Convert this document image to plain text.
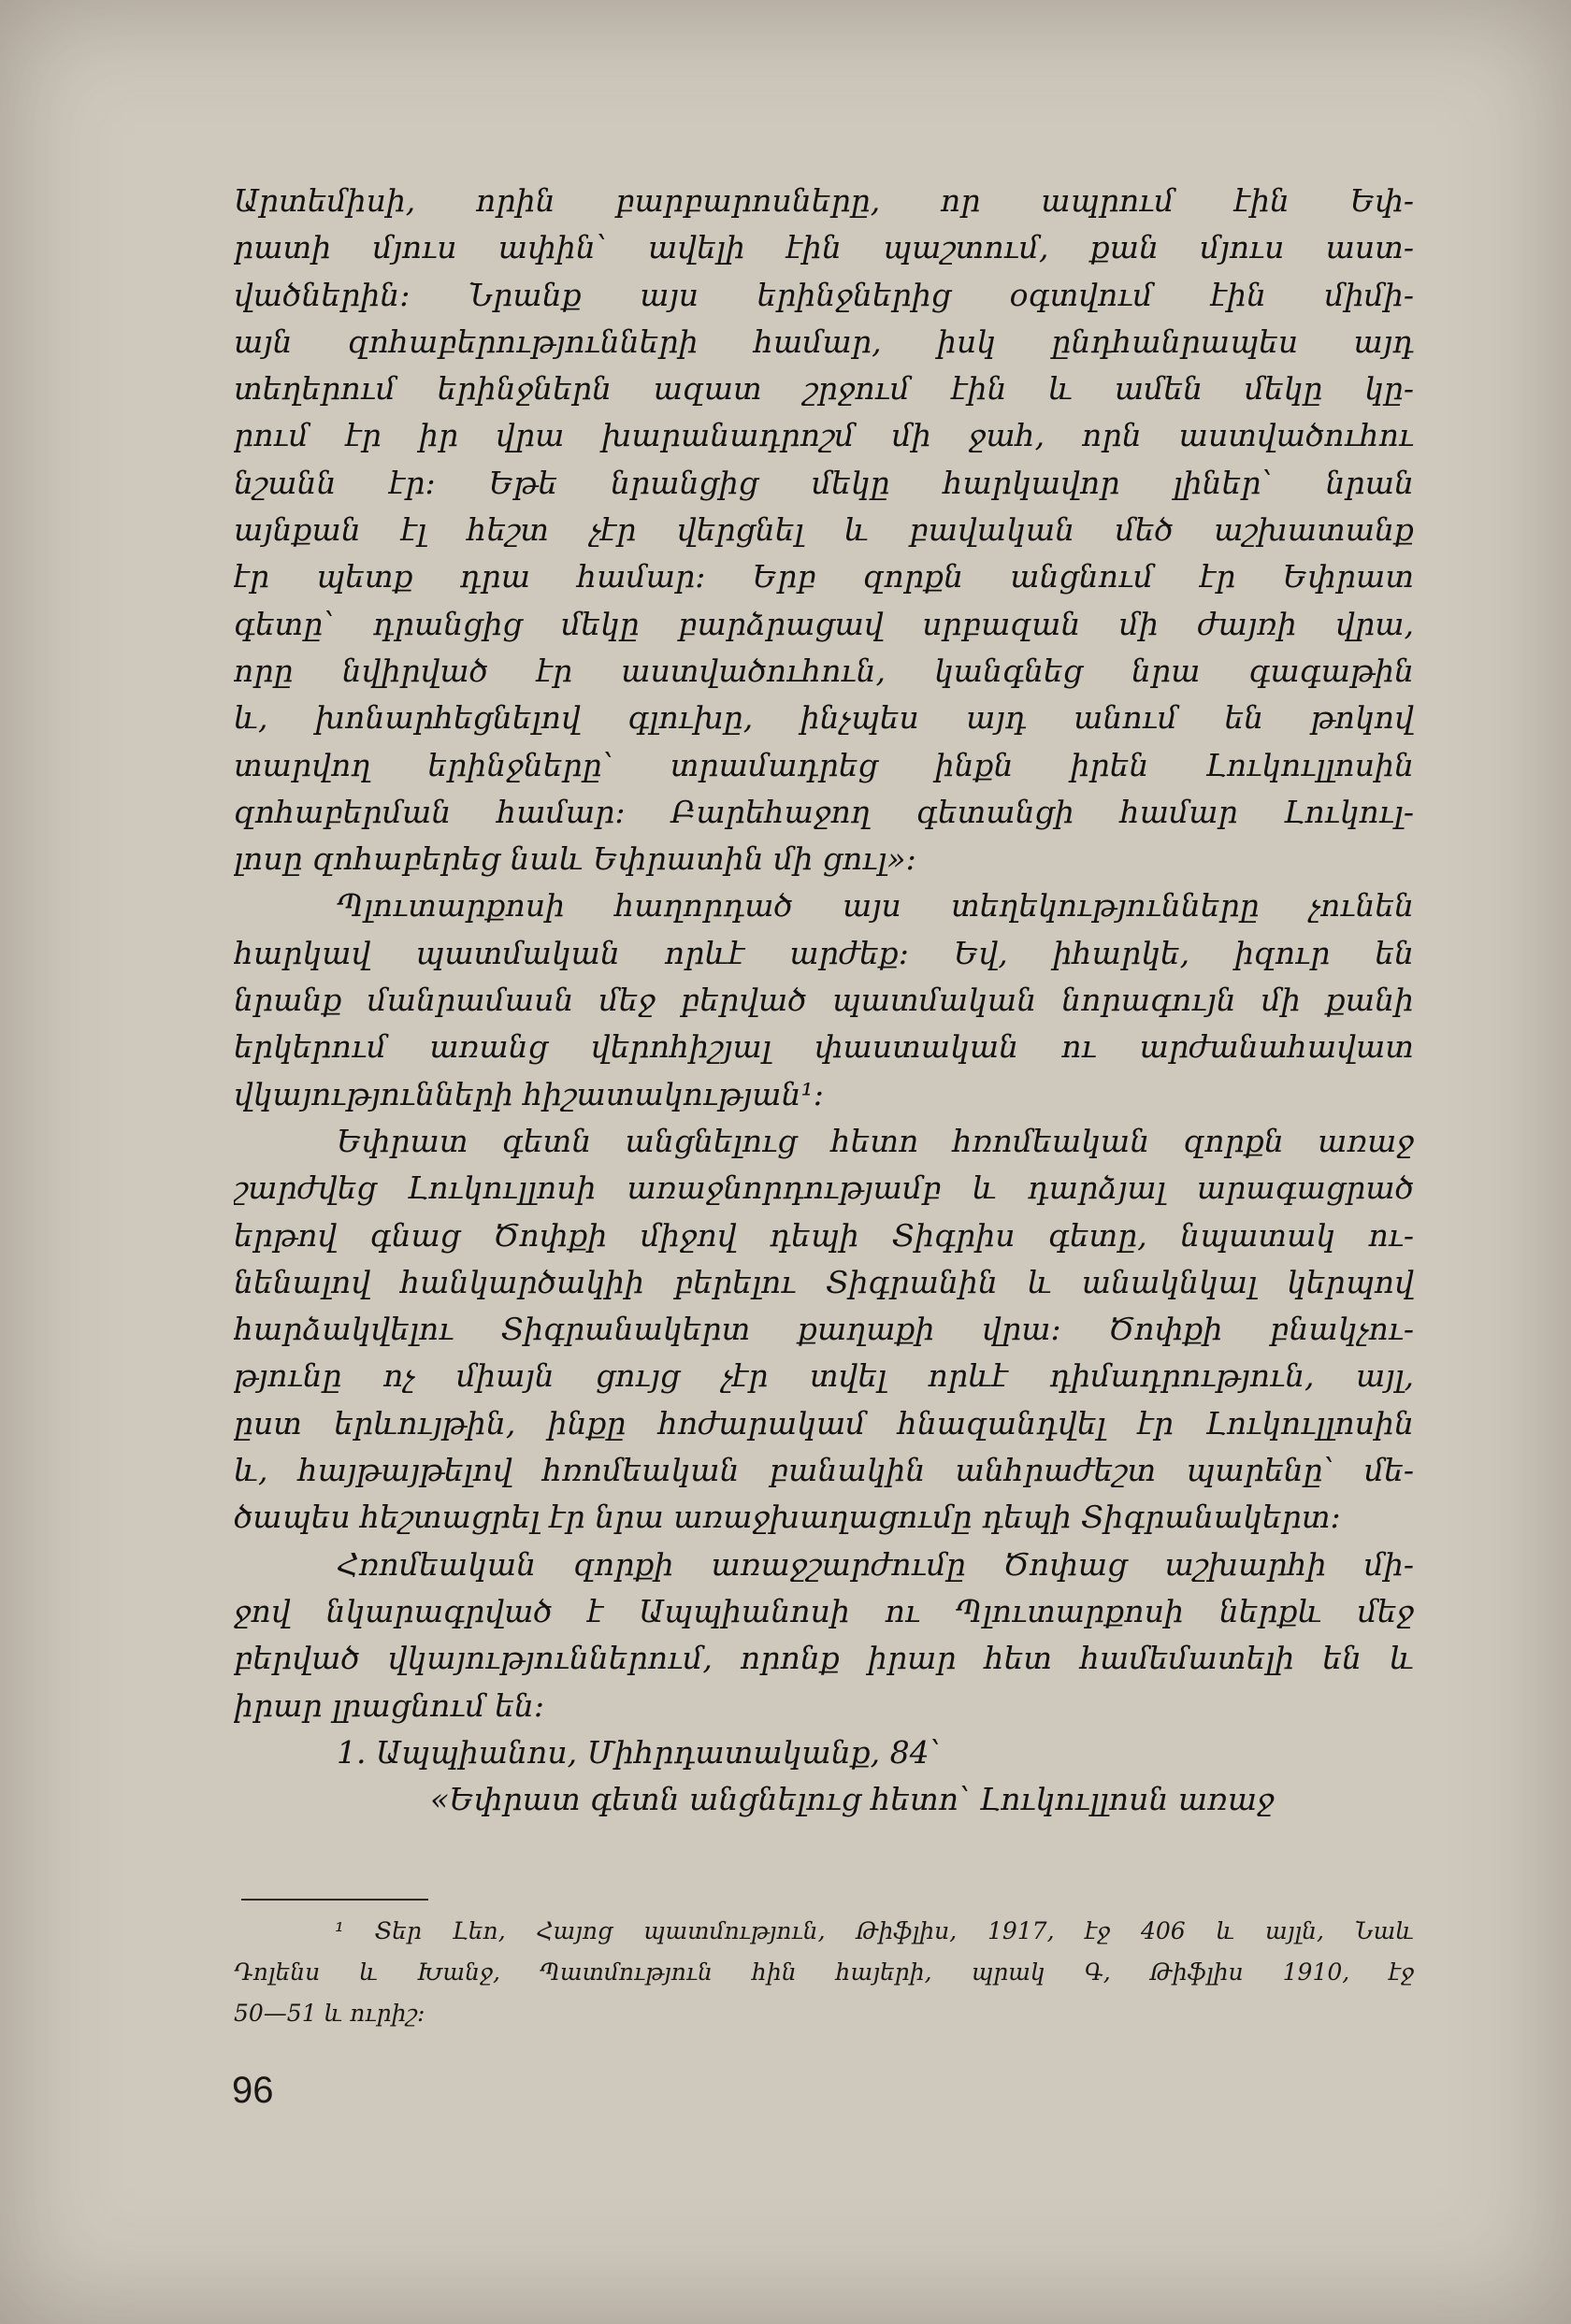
Արտեմիսի, որին բարբարոսները, որ ապրում էին Եփ-
րատի մյուս ափին՝ ավելի էին պաշտում, քան մյուս աստ-
վածներին։ Նրանք այս երինջներից օգտվում էին միմի-
այն զոհաբերությունների համար, իսկ ընդհանրապես այդ
տեղերում երինջներն ազատ շրջում էին և ամեն մեկը կը-
րում էր իր վրա խարանադրոշմ մի ջահ, որն աստվածուհու
նշանն էր։ Եթե նրանցից մեկը հարկավոր լիներ՝ նրան
այնքան էլ հեշտ չէր վերցնել և բավական մեծ աշխատանք
էր պետք դրա համար։ Երբ զորքն անցնում էր Եփրատ
գետը՝ դրանցից մեկը բարձրացավ սրբազան մի ժայռի վրա,
որը նվիրված էր աստվածուհուն, կանգնեց նրա գագաթին
և, խոնարհեցնելով գլուխը, ինչպես այդ անում են թոկով
տարվող երինջները՝ տրամադրեց ինքն իրեն Լուկուլլոսին
զոհաբերման համար։ Բարեհաջող գետանցի համար Լուկուլ-
լոսը զոհաբերեց նաև Եփրատին մի ցուլ»։
Պլուտարքոսի հաղորդած այս տեղեկությունները չունեն
հարկավ պատմական որևէ արժեք։ Եվ, իհարկե, իզուր են
նրանք մանրամասն մեջ բերված պատմական նորագույն մի քանի
երկերում առանց վերոհիշյալ փաստական ու արժանահավատ
վկայությունների հիշատակության¹։
Եփրատ գետն անցնելուց հետո հռոմեական զորքն առաջ
շարժվեց Լուկուլլոսի առաջնորդությամբ և դարձյալ արագացրած
երթով գնաց Ծոփքի միջով դեպի Տիգրիս գետը, նպատակ ու-
նենալով հանկարծակիի բերելու Տիգրանին և անակնկալ կերպով
հարձակվելու Տիգրանակերտ քաղաքի վրա։ Ծոփքի բնակչու-
թյունը ոչ միայն ցույց չէր տվել որևէ դիմադրություն, այլ,
ըստ երևույթին, ինքը հոժարակամ հնազանդվել էր Լուկուլլոսին
և, հայթայթելով հռոմեական բանակին անհրաժեշտ պարենը՝ մե-
ծապես հեշտացրել էր նրա առաջխաղացումը դեպի Տիգրանակերտ։
Հռոմեական զորքի առաջշարժումը Ծոփաց աշխարհի մի-
ջով նկարագրված է Ապպիանոսի ու Պլուտարքոսի ներքև մեջ
բերված վկայություններում, որոնք իրար հետ համեմատելի են և
իրար լրացնում են։
1. Ապպիանոս, Միհրդատականք, 84՝
«Եփրատ գետն անցնելուց հետո՝ Լուկուլլոսն առաջ
¹ Տեր Լեո, Հայոց պատմություն, Թիֆլիս, 1917, էջ 406 և այլն, Նաև
Դոլենս և Խանջ, Պատմություն հին հայերի, պրակ Գ, Թիֆլիս 1910, էջ
50—51 և ուրիշ։
96
